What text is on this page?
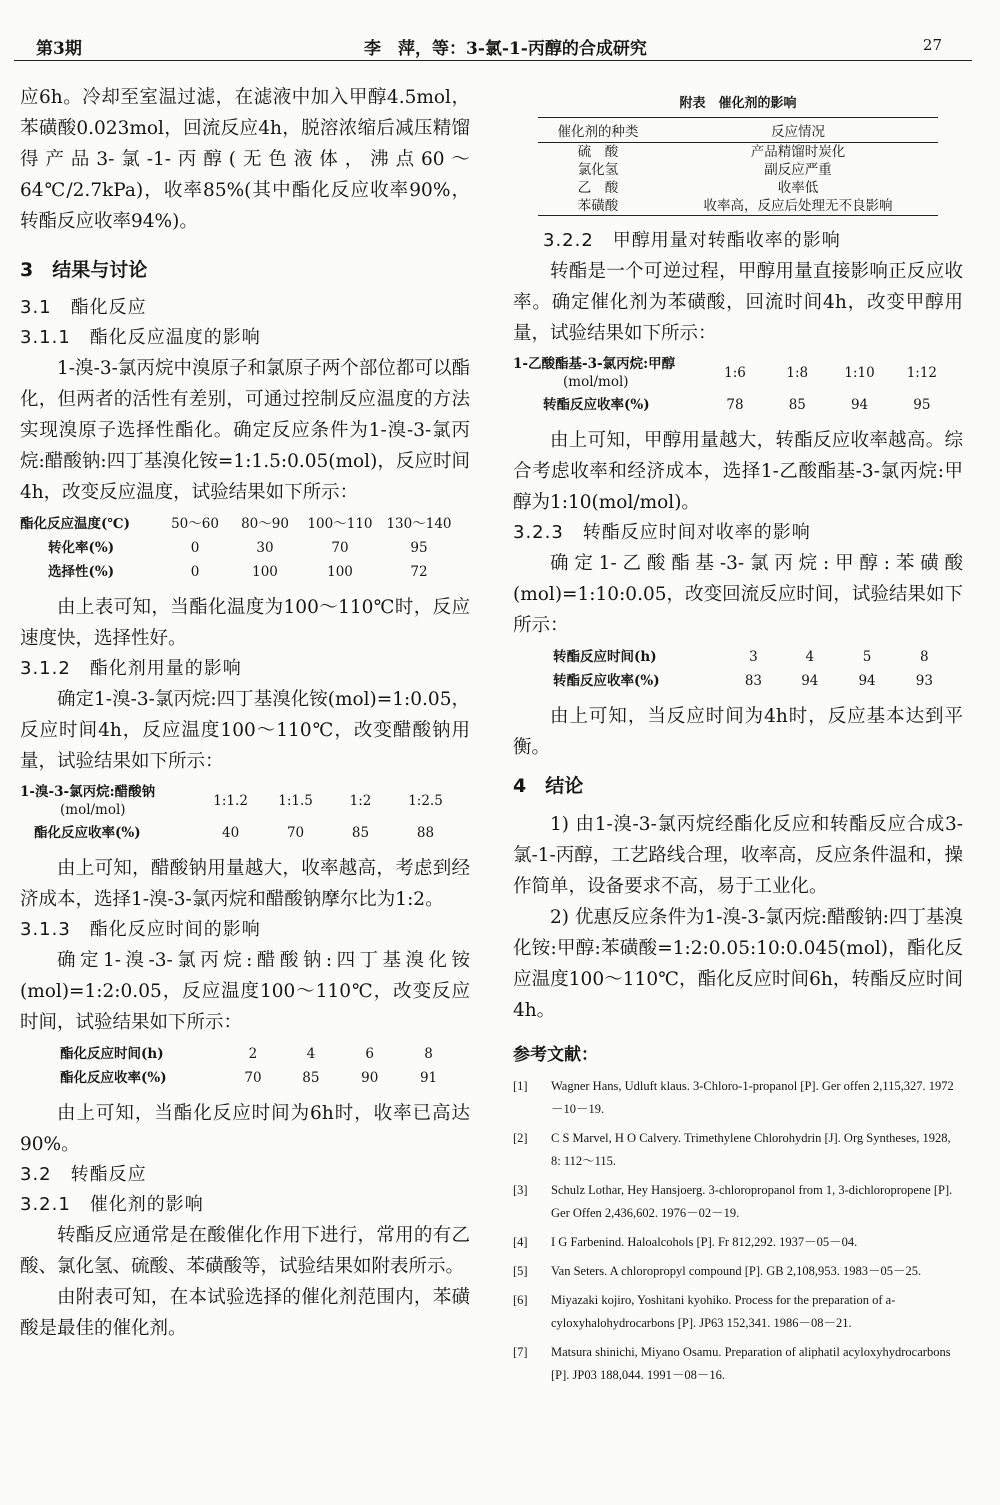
第3期	李　萍，等：3-氯-1-丙醇的合成研究	27

应6h。冷却至室温过滤，在滤液中加入甲醇4.5mol，苯磺酸0.023mol，回流反应4h，脱溶浓缩后减压精馏得产品3-氯-1-丙醇(无色液体，沸点60～64℃/2.7kPa)，收率85%(其中酯化反应收率90%，转酯反应收率94%)。

3　结果与讨论
3.1　酯化反应
3.1.1　酯化反应温度的影响

1-溴-3-氯丙烷中溴原子和氯原子两个部位都可以酯化，但两者的活性有差别，可通过控制反应温度的方法实现溴原子选择性酯化。确定反应条件为1-溴-3-氯丙烷:醋酸钠:四丁基溴化铵=1:1.5:0.05(mol)，反应时间4h，改变反应温度，试验结果如下所示：

酯化反应温度(℃)	50～60	80～90	100～110	130～140
转化率(%)	0	30	70	95
选择性(%)	0	100	100	72

由上表可知，当酯化温度为100～110℃时，反应速度快，选择性好。

3.1.2　酯化剂用量的影响

确定1-溴-3-氯丙烷:四丁基溴化铵(mol)=1:0.05，反应时间4h，反应温度100～110℃，改变醋酸钠用量，试验结果如下所示：

1-溴-3-氯丙烷:醋酸钠
(mol/mol)	1:1.2	1:1.5	1:2	1:2.5
酯化反应收率(%)	40	70	85	88

由上可知，醋酸钠用量越大，收率越高，考虑到经济成本，选择1-溴-3-氯丙烷和醋酸钠摩尔比为1:2。

3.1.3　酯化反应时间的影响

确定1-溴-3-氯丙烷:醋酸钠:四丁基溴化铵(mol)=1:2:0.05，反应温度100～110℃，改变反应时间，试验结果如下所示：

酯化反应时间(h)	2	4	6	8
酯化反应收率(%)	70	85	90	91

由上可知，当酯化反应时间为6h时，收率已高达90%。

3.2　转酯反应
3.2.1　催化剂的影响

转酯反应通常是在酸催化作用下进行，常用的有乙酸、氯化氢、硫酸、苯磺酸等，试验结果如附表所示。

由附表可知，在本试验选择的催化剂范围内，苯磺酸是最佳的催化剂。

附表　催化剂的影响
催化剂的种类	反应情况
硫　酸	产品精馏时炭化
氯化氢	副反应严重
乙　酸	收率低
苯磺酸	收率高，反应后处理无不良影响
3.2.2　甲醇用量对转酯收率的影响

转酯是一个可逆过程，甲醇用量直接影响正反应收率。确定催化剂为苯磺酸，回流时间4h，改变甲醇用量，试验结果如下所示：

1-乙酸酯基-3-氯丙烷:甲醇
(mol/mol)	1:6	1:8	1:10	1:12
转酯反应收率(%)	78	85	94	95

由上可知，甲醇用量越大，转酯反应收率越高。综合考虑收率和经济成本，选择1-乙酸酯基-3-氯丙烷:甲醇为1:10(mol/mol)。

3.2.3　转酯反应时间对收率的影响

确定1-乙酸酯基-3-氯丙烷:甲醇:苯磺酸(mol)=1:10:0.05，改变回流反应时间，试验结果如下所示：

转酯反应时间(h)	3	4	5	8
转酯反应收率(%)	83	94	94	93

由上可知，当反应时间为4h时，反应基本达到平衡。

4　结论

1) 由1-溴-3-氯丙烷经酯化反应和转酯反应合成3-氯-1-丙醇，工艺路线合理，收率高，反应条件温和，操作简单，设备要求不高，易于工业化。

2) 优惠反应条件为1-溴-3-氯丙烷:醋酸钠:四丁基溴化铵:甲醇:苯磺酸=1:2:0.05:10:0.045(mol)，酯化反应温度100～110℃，酯化反应时间6h，转酯反应时间4h。

参考文献：
[1] Wagner Hans, Udluft klaus. 3-Chloro-1-propanol [P]. Ger offen 2,115,327. 1972－10－19.
[2] C S Marvel, H O Calvery. Trimethylene Chlorohydrin [J]. Org Syntheses, 1928, 8: 112～115.
[3] Schulz Lothar, Hey Hansjoerg. 3-chloropropanol from 1, 3-dichloropropene [P]. Ger Offen 2,436,602. 1976－02－19.
[4] I G Farbenind. Haloalcohols [P]. Fr 812,292. 1937－05－04.
[5] Van Seters. A chloropropyl compound [P]. GB 2,108,953. 1983－05－25.
[6] Miyazaki kojiro, Yoshitani kyohiko. Process for the preparation of a-cyloxyhalohydrocarbons [P]. JP63 152,341. 1986－08－21.
[7] Matsura shinichi, Miyano Osamu. Preparation of aliphatil acyloxyhydrocarbons [P]. JP03 188,044. 1991－08－16.
